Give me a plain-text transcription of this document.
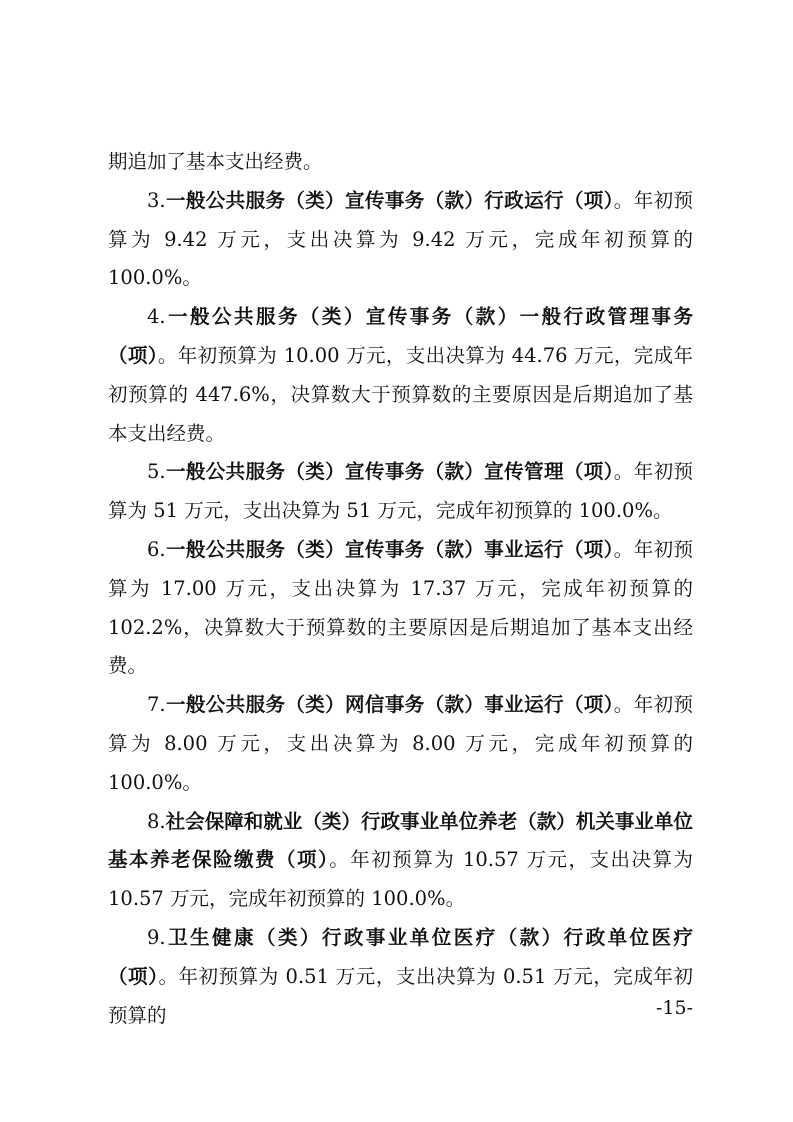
期追加了基本支出经费。

3.一般公共服务（类）宣传事务（款）行政运行（项）。年初预算为 9.42 万元，支出决算为 9.42 万元，完成年初预算的100.0%。

4.一般公共服务（类）宣传事务（款）一般行政管理事务（项）。年初预算为 10.00 万元，支出决算为 44.76 万元，完成年初预算的 447.6%，决算数大于预算数的主要原因是后期追加了基本支出经费。

5.一般公共服务（类）宣传事务（款）宣传管理（项）。年初预算为 51 万元，支出决算为 51 万元，完成年初预算的 100.0%。

6.一般公共服务（类）宣传事务（款）事业运行（项）。年初预算为 17.00 万元，支出决算为 17.37 万元，完成年初预算的102.2%，决算数大于预算数的主要原因是后期追加了基本支出经费。

7.一般公共服务（类）网信事务（款）事业运行（项）。年初预算为 8.00 万元，支出决算为 8.00 万元，完成年初预算的100.0%。

8.社会保障和就业（类）行政事业单位养老（款）机关事业单位基本养老保险缴费（项）。年初预算为 10.57 万元，支出决算为 10.57 万元，完成年初预算的 100.0%。

9.卫生健康（类）行政事业单位医疗（款）行政单位医疗（项）。年初预算为 0.51 万元，支出决算为 0.51 万元，完成年初预算的	-15-
